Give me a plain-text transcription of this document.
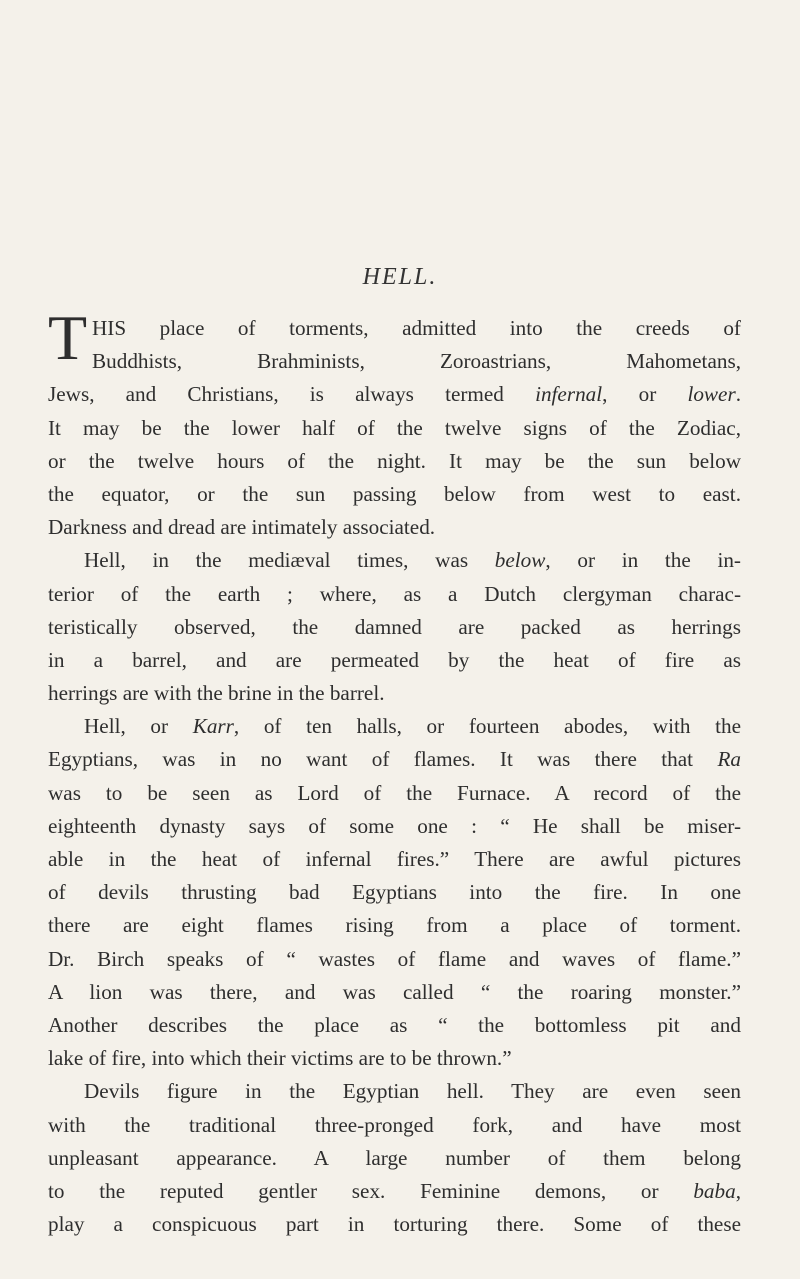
HELL.
T HIS place of torments, admitted into the creeds of
Buddhists, Brahminists, Zoroastrians, Mahometans,
Jews, and Christians, is always termed infernal, or lower.
It may be the lower half of the twelve signs of the Zodiac,
or the twelve hours of the night. It may be the sun below
the equator, or the sun passing below from west to east.
Darkness and dread are intimately associated.
Hell, in the mediæval times, was below, or in the in-
terior of the earth ; where, as a Dutch clergyman charac-
teristically observed, the damned are packed as herrings
in a barrel, and are permeated by the heat of fire as
herrings are with the brine in the barrel.
Hell, or Karr, of ten halls, or fourteen abodes, with the
Egyptians, was in no want of flames. It was there that Ra
was to be seen as Lord of the Furnace. A record of the
eighteenth dynasty says of some one : “ He shall be miser-
able in the heat of infernal fires.” There are awful pictures
of devils thrusting bad Egyptians into the fire. In one
there are eight flames rising from a place of torment.
Dr. Birch speaks of “ wastes of flame and waves of flame.”
A lion was there, and was called “ the roaring monster.”
Another describes the place as “ the bottomless pit and
lake of fire, into which their victims are to be thrown.”
Devils figure in the Egyptian hell. They are even seen
with the traditional three-pronged fork, and have most
unpleasant appearance. A large number of them belong
to the reputed gentler sex. Feminine demons, or baba,
play a conspicuous part in torturing there. Some of these
